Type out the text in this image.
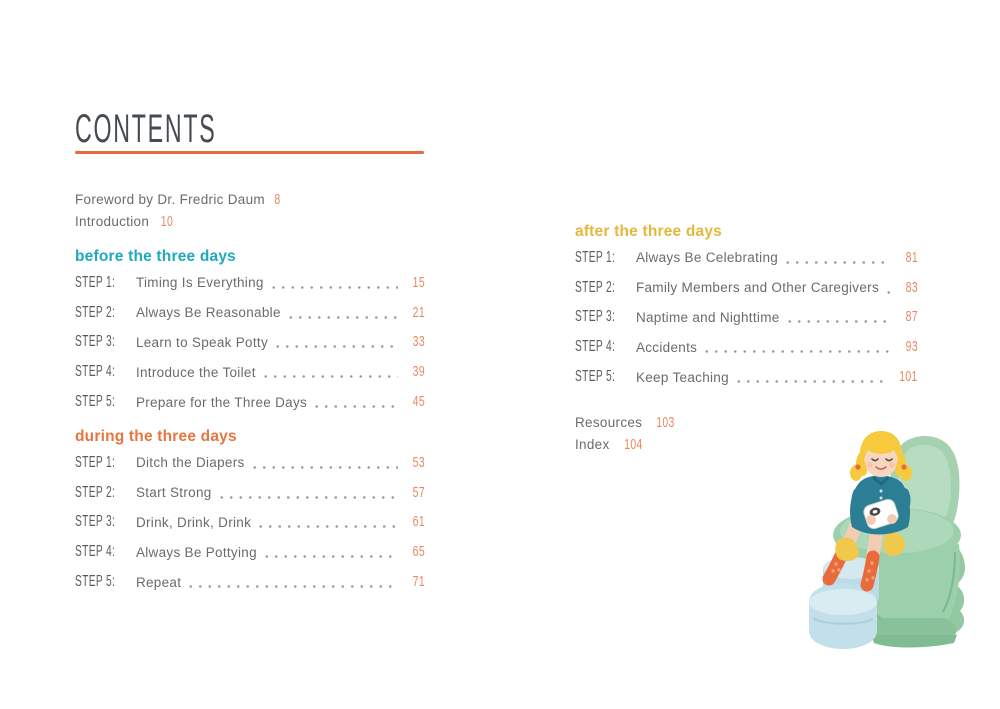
CONTENTS
Foreword by Dr. Fredric Daum 8
Introduction 10
before the three days
STEP 1: Timing Is Everything	15
STEP 2: Always Be Reasonable	21
STEP 3: Learn to Speak Potty	33
STEP 4: Introduce the Toilet	39
STEP 5: Prepare for the Three Days	45
during the three days
STEP 1: Ditch the Diapers	53
STEP 2: Start Strong	57
STEP 3: Drink, Drink, Drink	61
STEP 4: Always Be Pottying	65
STEP 5: Repeat	71
after the three days
STEP 1: Always Be Celebrating	81
STEP 2: Family Members and Other Caregivers	83
STEP 3: Naptime and Nighttime	87
STEP 4: Accidents	93
STEP 5: Keep Teaching	101
Resources 103
Index 104
